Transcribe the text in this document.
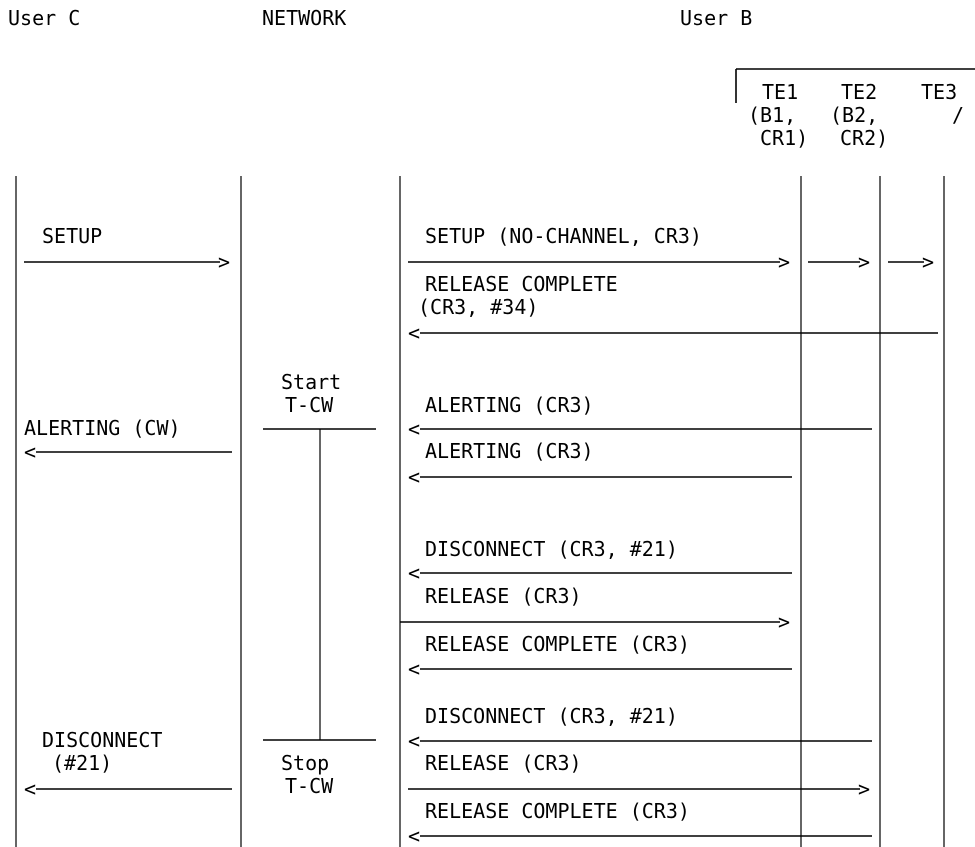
User C	NETWORK	User B
TE1 TE2 TE3
(B1, (B2,	/
CR1) CR2)
SETUP
>
SETUP (NO-CHANNEL, CR3)
>	>	>
RELEASE COMPLETE
(CR3, #34)
<
Start
T-CW
ALERTING (CW)
<
ALERTING (CR3)
<
ALERTING (CR3)
<
DISCONNECT (CR3, #21)
<
RELEASE (CR3)
>
RELEASE COMPLETE (CR3)
<
DISCONNECT (CR3, #21)
<
Stop
T-CW
DISCONNECT
(#21)
<
RELEASE (CR3)
>
RELEASE COMPLETE (CR3)
<
